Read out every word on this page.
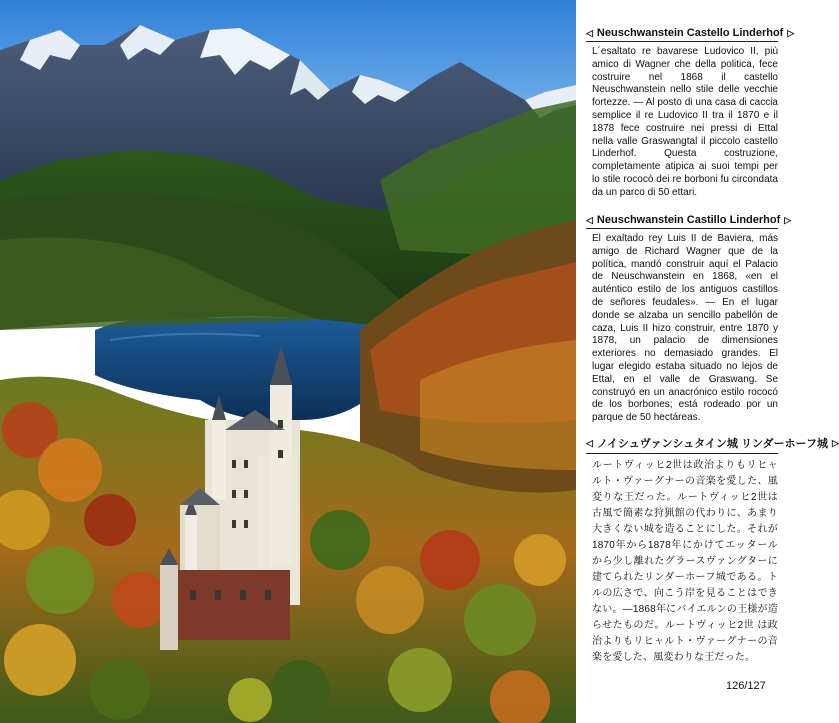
◁ Neuschwanstein Castello Linderhof ▷
L´esaltato re bavarese Ludovico II, più amico di Wagner che della politica, fece costruire nel 1868 il castello Neuschwanstein nello stile delle vecchie fortezze. — Al posto di una casa di caccia semplice il re Ludovico II tra il 1870 e il 1878 fece costruire nei pressi di Ettal nella valle Graswangtal il piccolo castello Linderhof. Questa costruzione, completamente atipica ai suoi tempi per lo stile rococò dei re borboni fu circondata da un parco di 50 ettari.
◁ Neuschwanstein Castillo Linderhof ▷
El exaltado rey Luis II de Baviera, más amigo de Richard Wagner que de la política, mandó construir aquí el Palacio de Neuschwanstein en 1868, «en el auténtico estilo de los antiguos castillos de señores feudales». — En el lugar donde se alzaba un sencillo pabellón de caza, Luis II hizo construir, entre 1870 y 1878, un palacio de dimensiones exteriores no demasiado grandes. El lugar elegido estaba situado no lejos de Ettal, en el valle de Graswang. Se construyó en un anacrónico estilo rococó de los borbones; está rodeado por un parque de 50 hectáreas.
◁ ノイシュヴァンシュタイン城 リンダーホーフ城 ▷
ルートヴィッヒ2世は政治よりもリヒャルト・ヴァーグナーの音楽を愛した、風変りな王だった。ルートヴィッヒ2世は古風で簡素な狩猟館の代わりに、あまり大きくない城を造ることにした。それが1870年から1878年にかけてエッタールから少し離れたグラースヴァングターに建てられたリンダーホーフ城である。トルの広さで、向こう岸を見ることはできない。—1868年にバイエルンの王様が造らせたものだ。ルートヴィッヒ2世 は政治よりもリヒャルト・ヴァーグナーの音楽を愛した、風変わりな王だった。
126/127
